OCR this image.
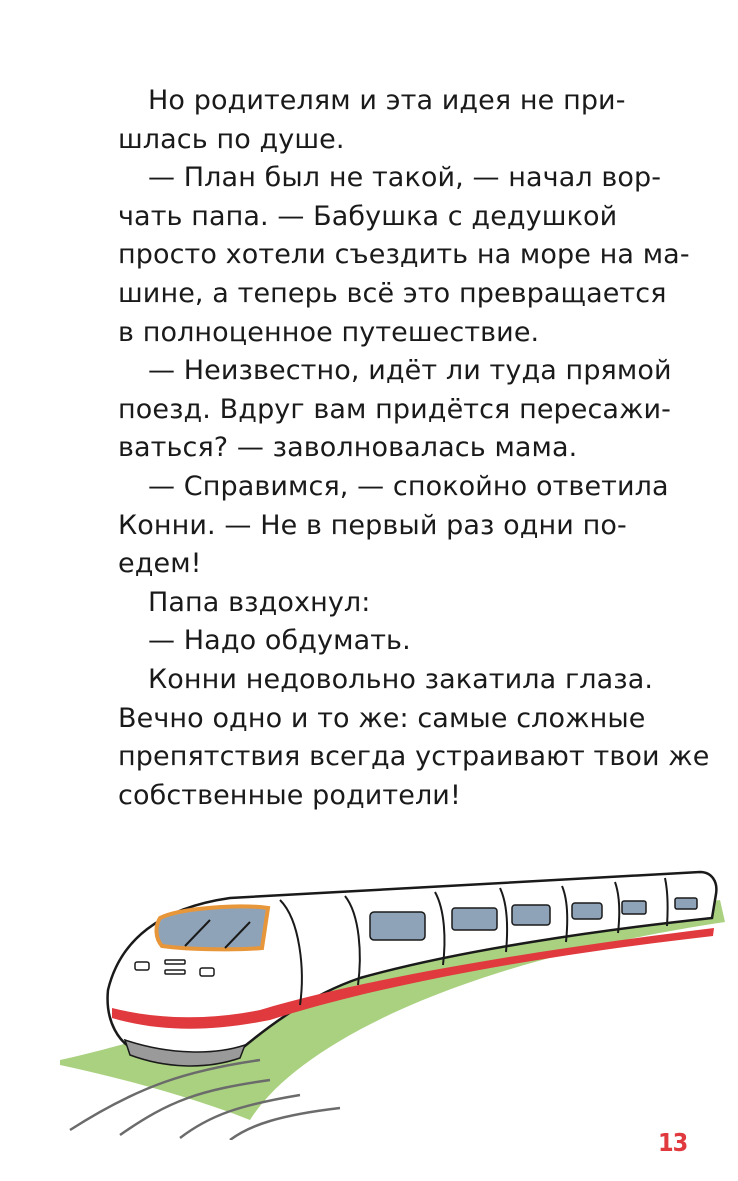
Но родителям и эта идея не при-
шлась по душе.
— План был не такой, — начал вор-
чать папа. — Бабушка с дедушкой
просто хотели съездить на море на ма-
шине, а теперь всё это превращается
в полноценное путешествие.
— Неизвестно, идёт ли туда прямой
поезд. Вдруг вам придётся пересажи-
ваться? — заволновалась мама.
— Справимся, — спокойно ответила
Конни. — Не в первый раз одни по-
едем!
Папа вздохнул:
— Надо обдумать.
Конни недовольно закатила глаза.
Вечно одно и то же: самые сложные
препятствия всегда устраивают твои же
собственные родители!
13
